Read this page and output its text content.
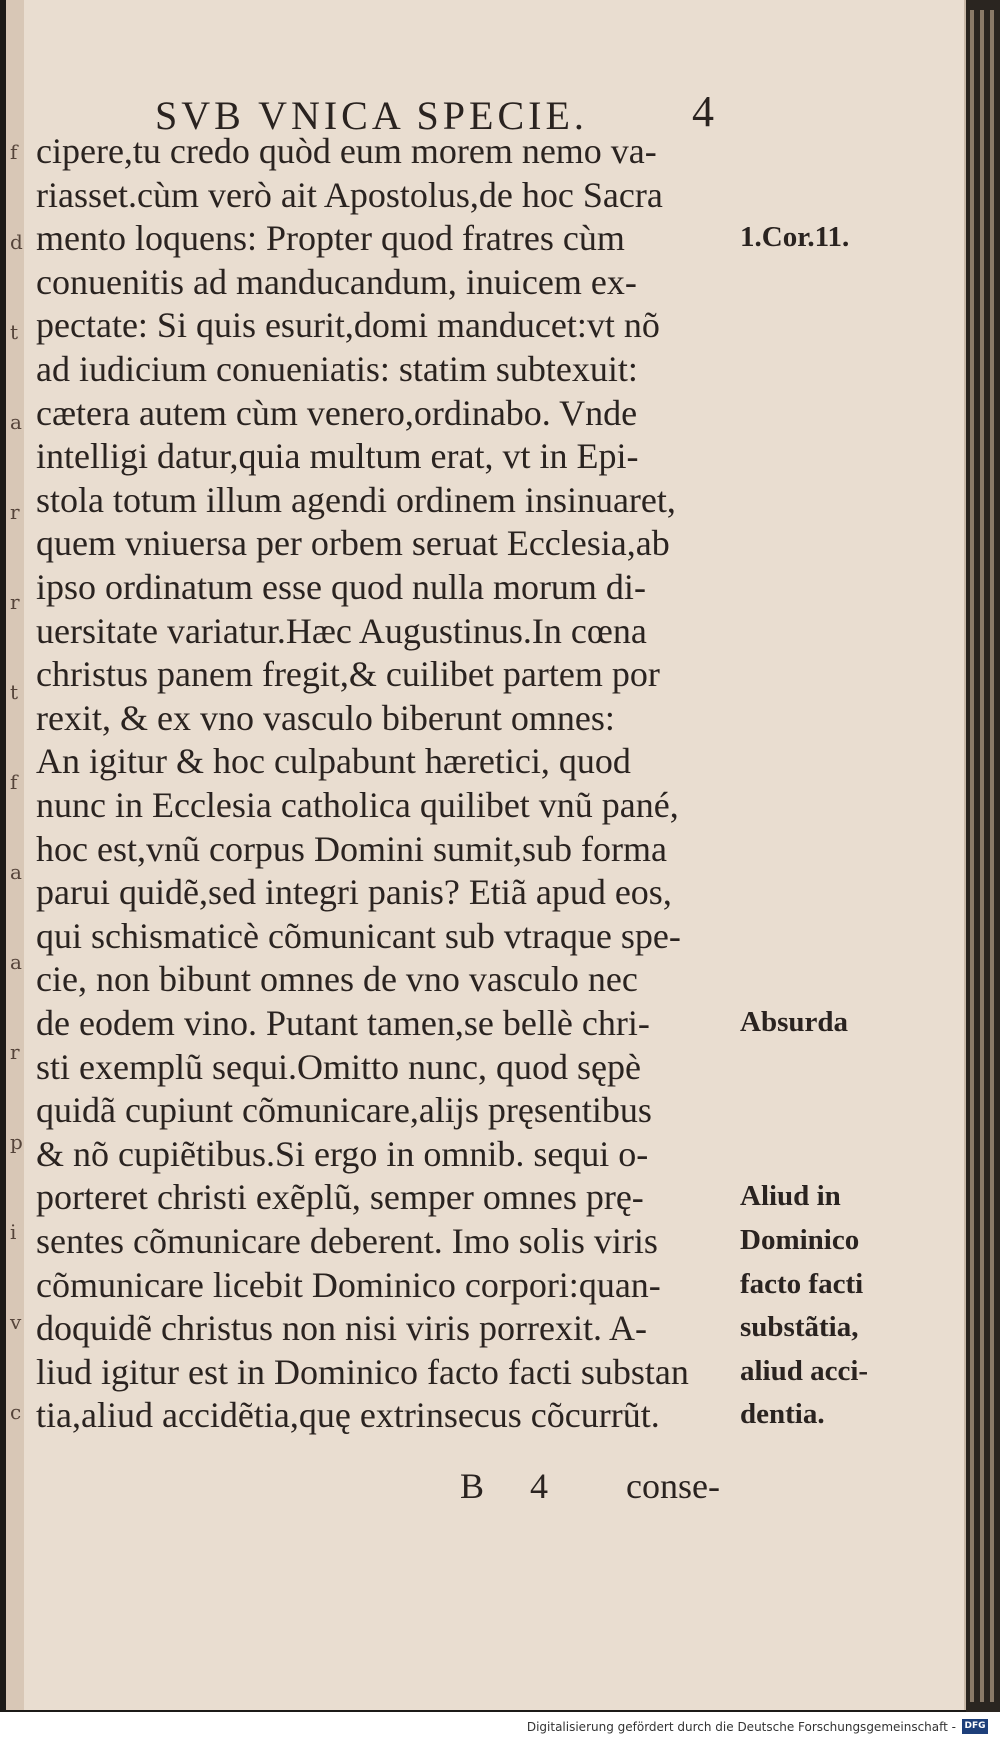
f
d
t
a
r
r
t
f
a
a
r
p
i
v
c
SVB VNICA SPECIE. 4
cipere,tu credo quòd eum morem nemo va-
riasset.cùm verò ait Apostolus,de hoc Sacra
mento loquens: Propter quod fratres cùm
conuenitis ad manducandum, inuicem ex-
pectate: Si quis esurit,domi manducet:vt nõ
ad iudicium conueniatis: statim subtexuit:
cætera autem cùm venero,ordinabo. Vnde
intelligi datur,quia multum erat, vt in Epi-
stola totum illum agendi ordinem insinuaret,
quem vniuersa per orbem seruat Ecclesia,ab
ipso ordinatum esse quod nulla morum di-
uersitate variatur.Hæc Augustinus.In cœna
christus panem fregit,& cuilibet partem por
rexit, & ex vno vasculo biberunt omnes:
An igitur & hoc culpabunt hæretici, quod
nunc in Ecclesia catholica quilibet vnũ pané,
hoc est,vnũ corpus Domini sumit,sub forma
parui quidẽ,sed integri panis? Etiã apud eos,
qui schismaticè cõmunicant sub vtraque spe-
cie, non bibunt omnes de vno vasculo nec
de eodem vino. Putant tamen,se bellè chri-
sti exemplũ sequi.Omitto nunc, quod sępè
quidã cupiunt cõmunicare,alijs pręsentibus
& nõ cupiẽtibus.Si ergo in omnib. sequi o-
porteret christi exẽplũ, semper omnes prę-
sentes cõmunicare deberent. Imo solis viris
cõmunicare licebit Dominico corpori:quan-
doquidẽ christus non nisi viris porrexit. A-
liud igitur est in Dominico facto facti substan
tia,aliud accidẽtia,quę extrinsecus cõcurrũt.
1.Cor.11.
Absurda
Aliud in
Dominico
facto facti
substãtia,
aliud acci-
dentia.
B 4 conse-
Digitalisierung gefördert durch die Deutsche Forschungsgemeinschaft - DFG
